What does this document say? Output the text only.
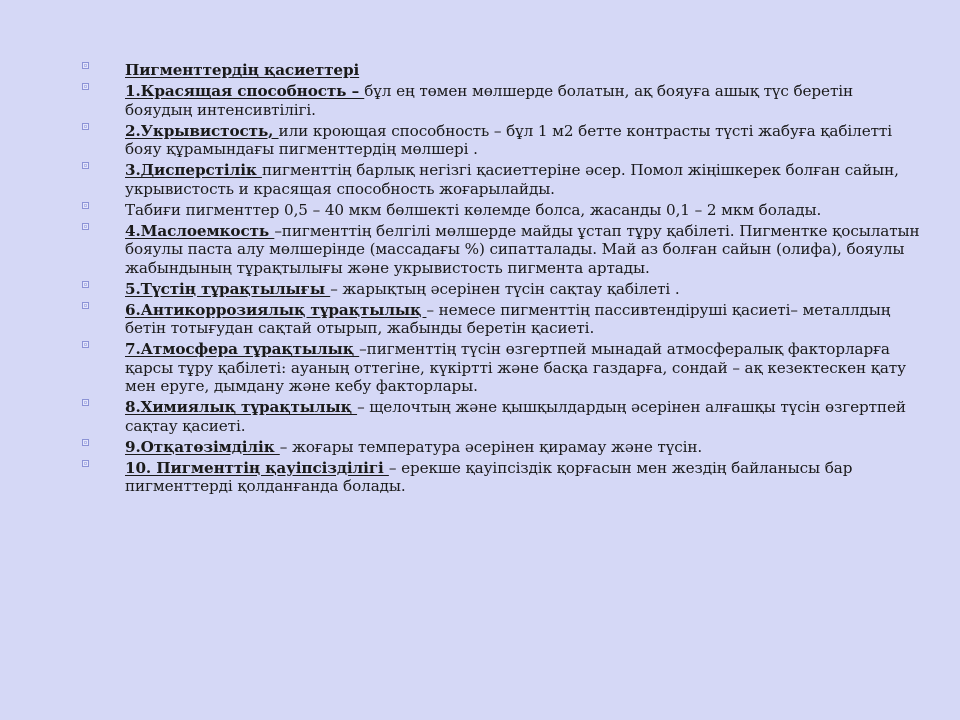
Пигменттердің қасиеттері
1.Красящая способность – бұл ең төмен мөлшерде болатын, ақ бояуға ашық түс беретін бояудың интенсивтілігі.
2.Укрывистость, или кроющая способность – бұл 1 м2 бетте контрасты түсті жабуға қабілетті бояу құрамындағы пигменттердің мөлшері .
3.Дисперстілік пигменттің барлық негізгі қасиеттеріне әсер. Помол жіңішкерек болған сайын, укрывистость и красящая способность жоғарылайды.
Табиғи пигменттер 0,5 – 40 мкм бөлшекті көлемде болса, жасанды 0,1 – 2 мкм болады.
4.Маслоемкость –пигменттің белгілі мөлшерде майды ұстап тұру қабілеті. Пигментке қосылатын бояулы паста алу мөлшерінде (массадағы %) сипатталады. Май аз болған сайын (олифа), бояулы жабындының тұрақтылығы және укрывистость пигмента артады.
5.Түстің тұрақтылығы – жарықтың әсерінен түсін сақтау қабілеті .
6.Антикоррозиялық тұрақтылық – немесе пигменттің пассивтендіруші қасиеті– металлдың бетін тотығудан сақтай отырып, жабынды беретін қасиеті.
7.Атмосфера тұрақтылық –пигменттің түсін өзгертпей мынадай атмосфералық факторларға қарсы тұру қабілеті: ауаның оттегіне, күкіртті және басқа газдарға, сондай – ақ кезектескен қату мен еруге, дымдану және кебу факторлары.
8.Химиялық тұрақтылық – щелочтың және қышқылдардың әсерінен алғашқы түсін өзгертпей сақтау қасиеті.
9.Отқатөзімділік – жоғары температура әсерінен қирамау және түсін.
10. Пигменттің қауіпсізділігі – ерекше қауіпсіздік қорғасын мен жездің байланысы бар пигменттерді қолданғанда болады.
